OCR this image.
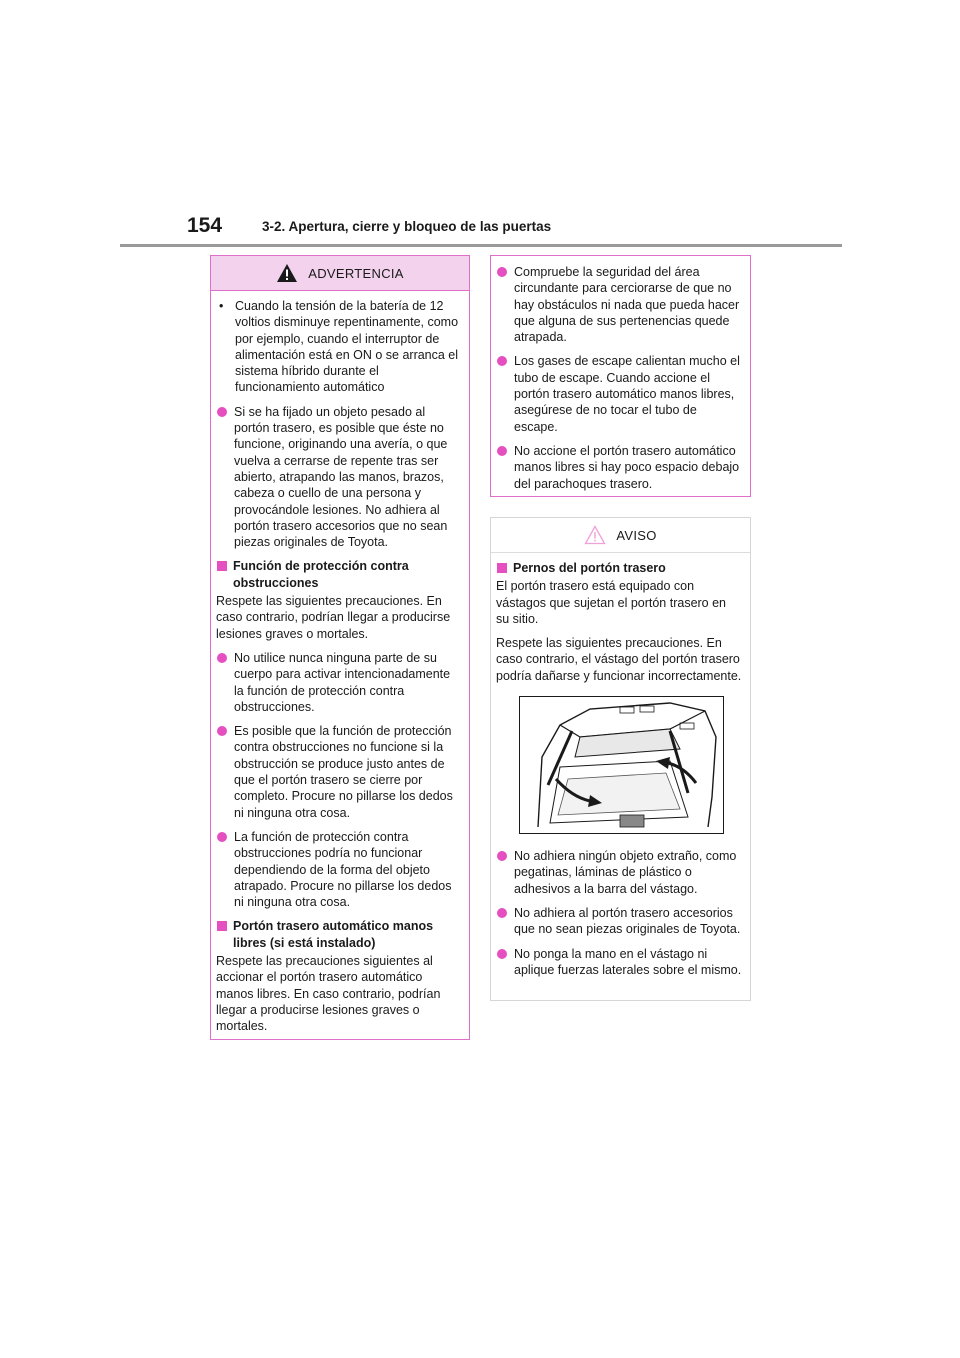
154	3-2. Apertura, cierre y bloqueo de las puertas
ADVERTENCIA
• Cuando la tensión de la batería de 12 voltios disminuye repentinamente, como por ejemplo, cuando el interruptor de alimentación está en ON o se arranca el sistema híbrido durante el funcionamiento automático
Si se ha fijado un objeto pesado al portón trasero, es posible que éste no funcione, originando una avería, o que vuelva a cerrarse de repente tras ser abierto, atrapando las manos, brazos, cabeza o cuello de una persona y provocándole lesiones. No adhiera al portón trasero accesorios que no sean piezas originales de Toyota.
Función de protección contra obstrucciones

Respete las siguientes precauciones. En caso contrario, podrían llegar a producirse lesiones graves o mortales.

No utilice nunca ninguna parte de su cuerpo para activar intencionadamente la función de protección contra obstrucciones.
Es posible que la función de protección contra obstrucciones no funcione si la obstrucción se produce justo antes de que el portón trasero se cierre por completo. Procure no pillarse los dedos ni ninguna otra cosa.
La función de protección contra obstrucciones podría no funcionar dependiendo de la forma del objeto atrapado. Procure no pillarse los dedos ni ninguna otra cosa.
Portón trasero automático manos libres (si está instalado)

Respete las precauciones siguientes al accionar el portón trasero automático manos libres. En caso contrario, podrían llegar a producirse lesiones graves o mortales.

Compruebe la seguridad del área circundante para cerciorarse de que no hay obstáculos ni nada que pueda hacer que alguna de sus pertenencias quede atrapada.
Los gases de escape calientan mucho el tubo de escape. Cuando accione el portón trasero automático manos libres, asegúrese de no tocar el tubo de escape.
No accione el portón trasero automático manos libres si hay poco espacio debajo del parachoques trasero.
AVISO
Pernos del portón trasero

El portón trasero está equipado con vástagos que sujetan el portón trasero en su sitio.

Respete las siguientes precauciones. En caso contrario, el vástago del portón trasero podría dañarse y funcionar incorrectamente.

No adhiera ningún objeto extraño, como pegatinas, láminas de plástico o adhesivos a la barra del vástago.
No adhiera al portón trasero accesorios que no sean piezas originales de Toyota.
No ponga la mano en el vástago ni aplique fuerzas laterales sobre el mismo.
